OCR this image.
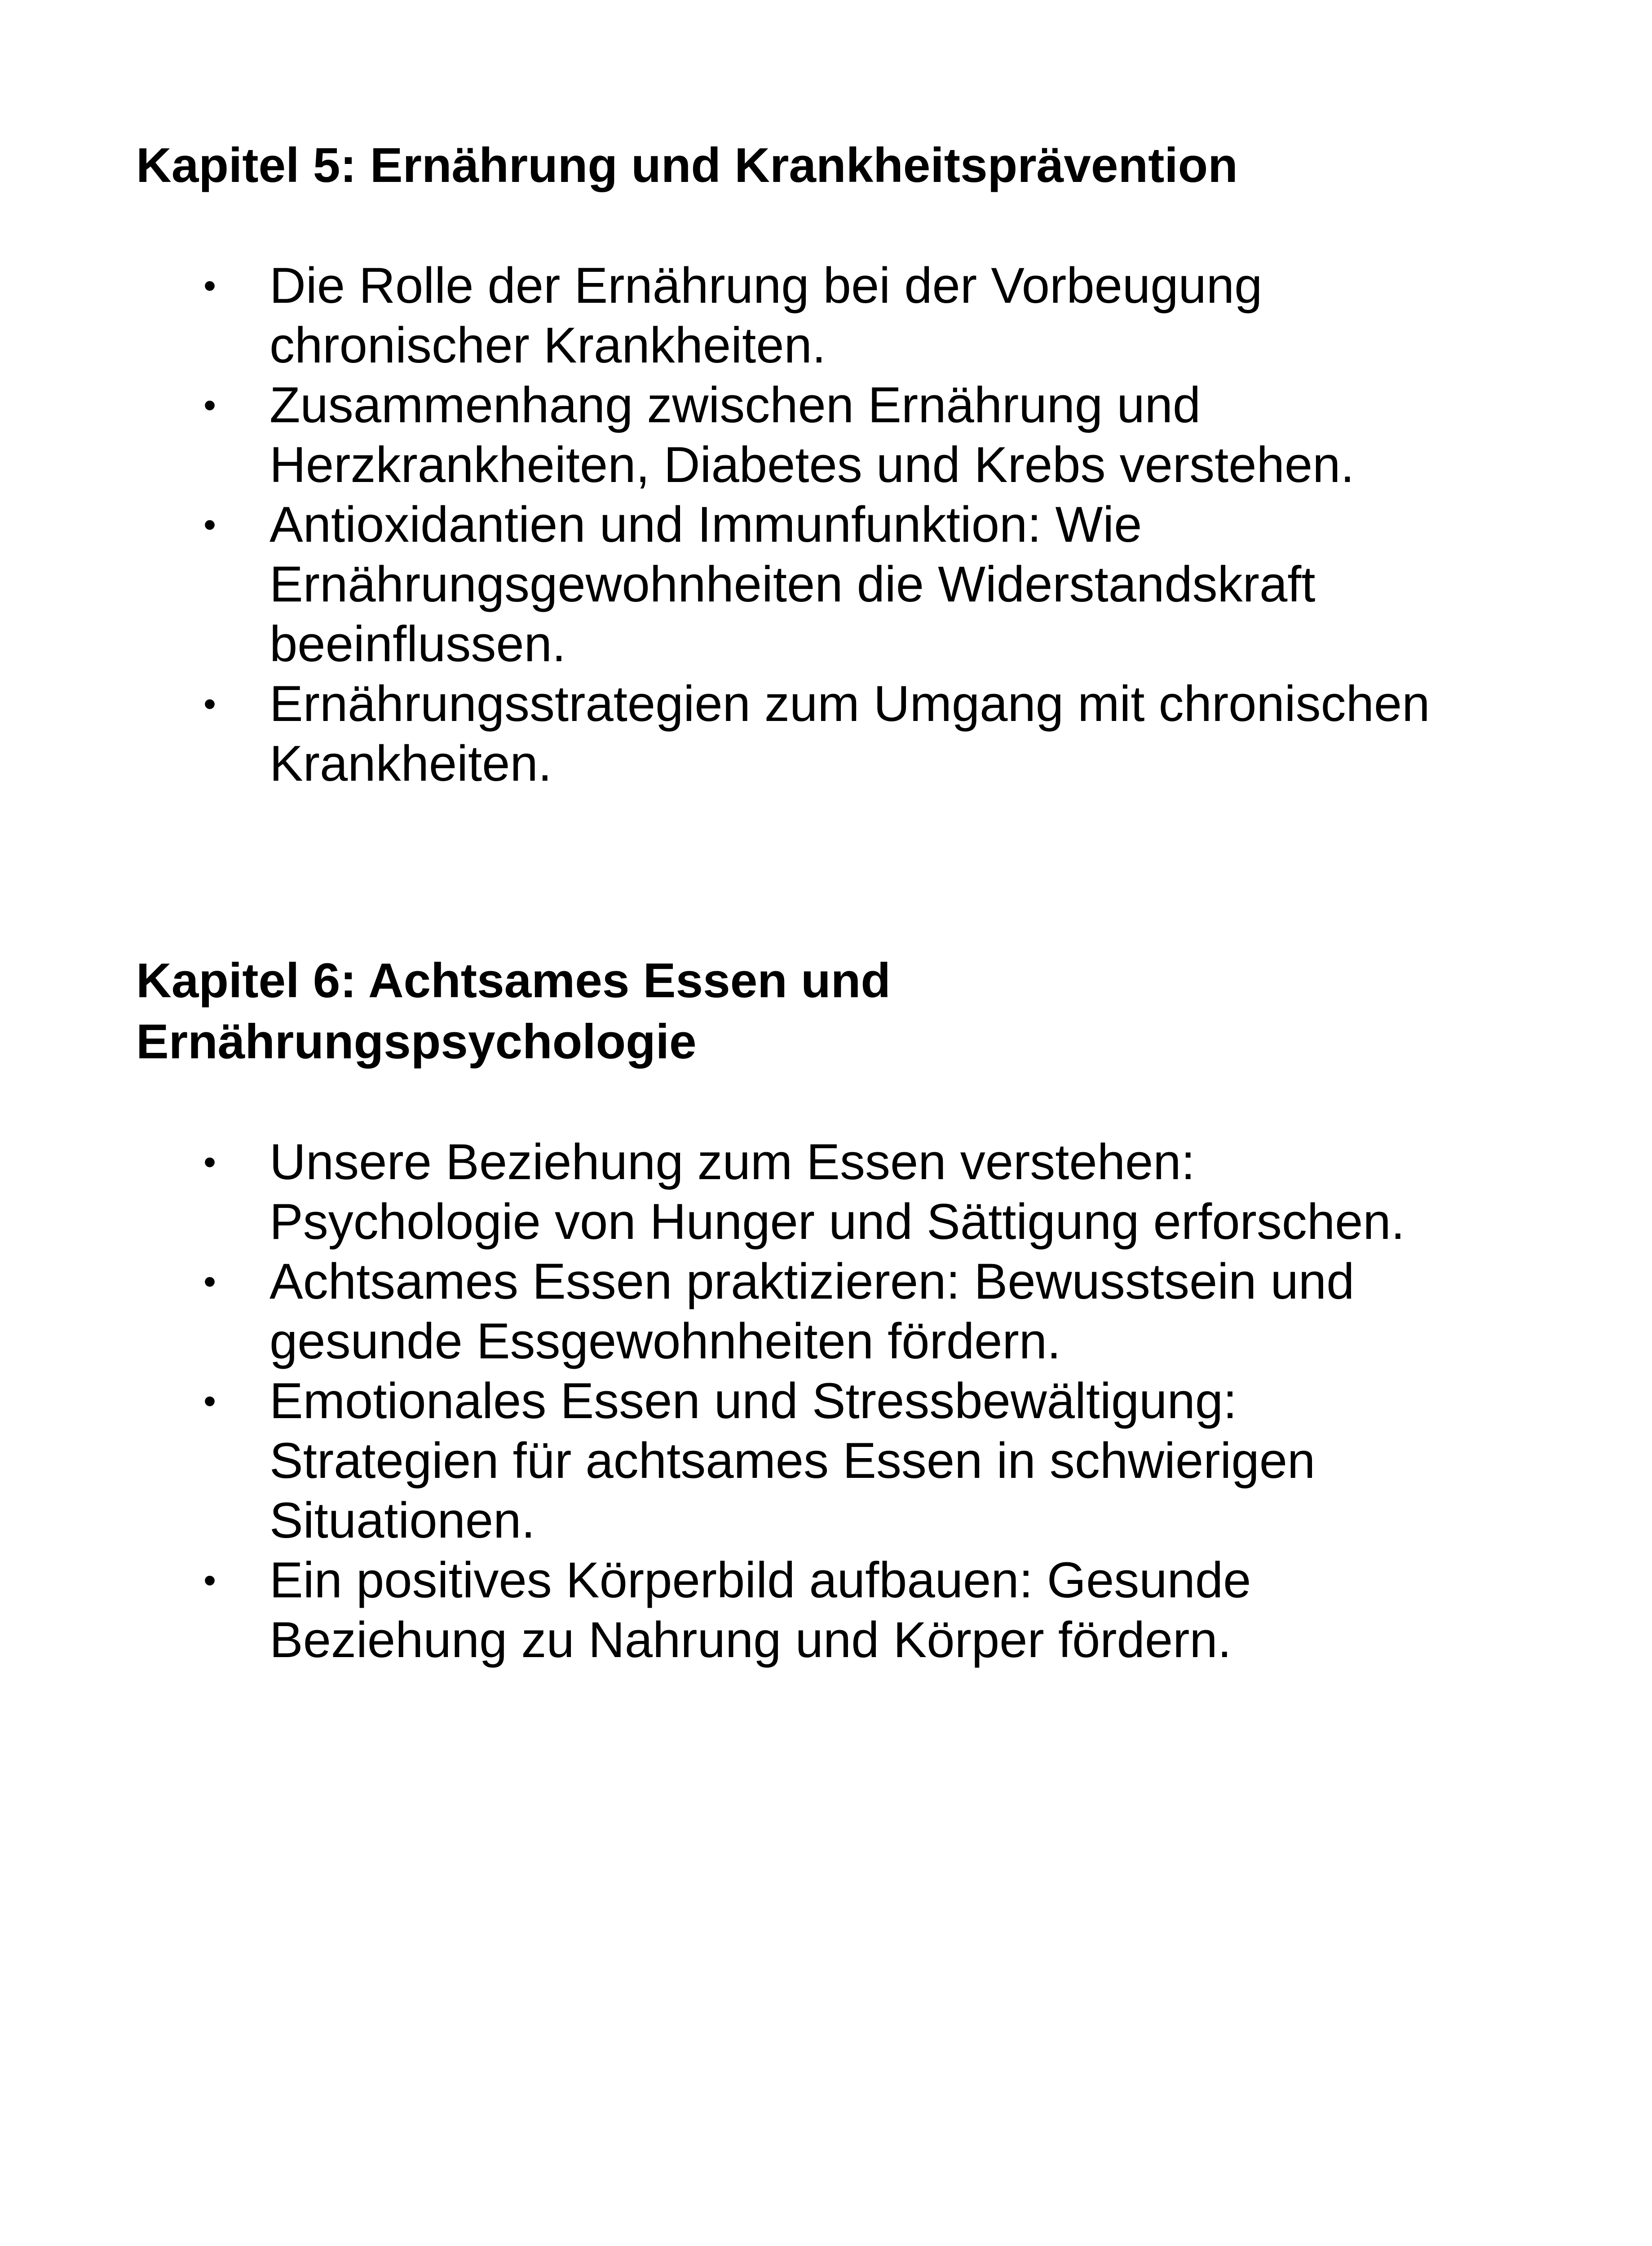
Kapitel 5: Ernährung und Krankheitsprävention
• Die Rolle der Ernährung bei der Vorbeugung
chronischer Krankheiten.
• Zusammenhang zwischen Ernährung und
Herzkrankheiten, Diabetes und Krebs verstehen.
• Antioxidantien und Immunfunktion: Wie
Ernährungsgewohnheiten die Widerstandskraft
beeinflussen.
• Ernährungsstrategien zum Umgang mit chronischen
Krankheiten.
Kapitel 6: Achtsames Essen und
Ernährungspsychologie
• Unsere Beziehung zum Essen verstehen:
Psychologie von Hunger und Sättigung erforschen.
• Achtsames Essen praktizieren: Bewusstsein und
gesunde Essgewohnheiten fördern.
• Emotionales Essen und Stressbewältigung:
Strategien für achtsames Essen in schwierigen
Situationen.
• Ein positives Körperbild aufbauen: Gesunde
Beziehung zu Nahrung und Körper fördern.
